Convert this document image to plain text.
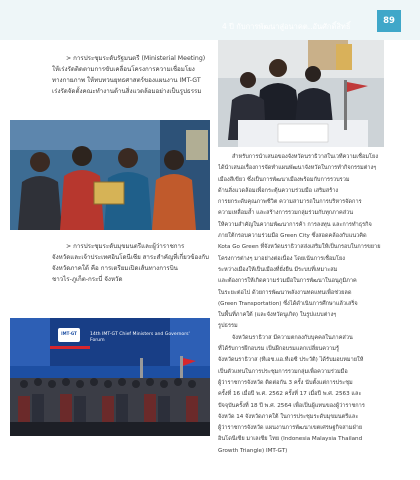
4 ปี กับการพัฒนาสู่อนาคต..อันศักดิ์สิทธิ์
89
> การประชุมระดับรัฐมนตรี (Ministerial Meeting)
ให้เร่งรัดติดตามการขับเคลื่อนโครงการความเชื่อมโยง
ทางกายภาพ ให้ทบทวนยุทธศาสตร์ของแผนงาน IMT-GT
เร่งรัดจัดตั้งคณะทำงานด้านสิ่งแวดล้อมอย่างเป็นรูปธรรม
> การประชุมระดับมุขมนตรีและผู้ว่าราชการ
จังหวัดและเจ้าประเทศอินโดนีเซีย สาระสำคัญที่เกี่ยวข้องกับ
จังหวัดภาคใต้ คือ การเตรียมเปิดเส้นทางการบิน
ชาวไร-ภูเก็ต-กระบี่ จังหวัด
สำหรับการนำเสนอของจังหวัดนราธิวาสในเวทีความเชื่อมโยง
ได้นำเสนอเรื่องการจัดทำแผนพัฒนาจังหวัดในการทำกิจกรรมต่างๆ
เมืองสีเขียว ซึ่งเป็นการพัฒนาเมืองพร้อมกับการรวบรวม
ด้านสิ่งแวดล้อมเพื่อกระตุ้นความร่วมมือ เสริมสร้าง
การยกระดับคุณภาพชีวิต ความสามารถในการบริหารจัดการ
ความเหลื่อมล้ำ และสร้างการรวมกลุ่มร่วมกับทุกภาคส่วน
ให้ความสำคัญในความพัฒนาการค้า การลงทุน และการทำธุรกิจ
ภายใต้กรอบความร่วมมือ Green City ซึ่งสอดคล้องกับแนวคิด
Kota Go Green ที่จังหวัดนราธิวาสส่งเสริมให้เป็นกรอบในการขยาย
โครงการต่างๆ มาอย่างต่อเนื่อง โดยเน้นการเชื่อมโยง
ระหว่างเมืองให้เป็นเมืองที่ยั่งยืน มีระบบที่เหมาะสม
และต้องการให้เกิดความร่วมมือในการพัฒนาในอนุภูมิภาค
ในระยะต่อไป ด้วยการพัฒนาพลังงานทดแทนเพื่อช่วยลด
(Green Transportation) ซึ่งได้ดำเนินการศึกษาแล้วเสร็จ
ในพื้นที่ภาคใต้ (และจังหวัดนูเกิต) ในรูปแบบต่างๆ
รูปธรรม
จังหวัดนราธิวาส มีความตกลงกับบุคคลในภาคส่วน
ที่ได้รับการฝึกอบรม เป็นฝึกอบรมแลกเปลี่ยนความรู้
จังหวัดนราธิวาส (ทีเอช.แอ.ทีเอซี ประวัติ) ได้รับมอบหมายให้
เป็นตัวแทนในการประชุมการรวมกลุ่มเพื่อความร่วมมือ
ผู้ว่าราชการจังหวัด ติดต่อกัน 3 ครั้ง นับตั้งแต่การประชุม
ครั้งที่ 16 เมื่อปี พ.ศ. 2562 ครั้งที่ 17 เมื่อปี พ.ศ. 2563 และ
ปัจจุบันครั้งที่ 18 ปี พ.ศ. 2564 เพื่อเป็นผู้แทนของผู้ว่าราชการ
จังหวัด 14 จังหวัดภาคใต้ ในการประชุมระดับมุขมนตรีและ
ผู้ว่าราชการจังหวัด แผนงานการพัฒนาเขตเศรษฐกิจสามฝ่าย
อินโดนีเซีย มาเลเซีย ไทย (Indonesia Malaysia Thailand
Growth Triangle) IMT-GT)
IMT·GT	14th IMT-GT Chief Ministers and Governors' Forum
